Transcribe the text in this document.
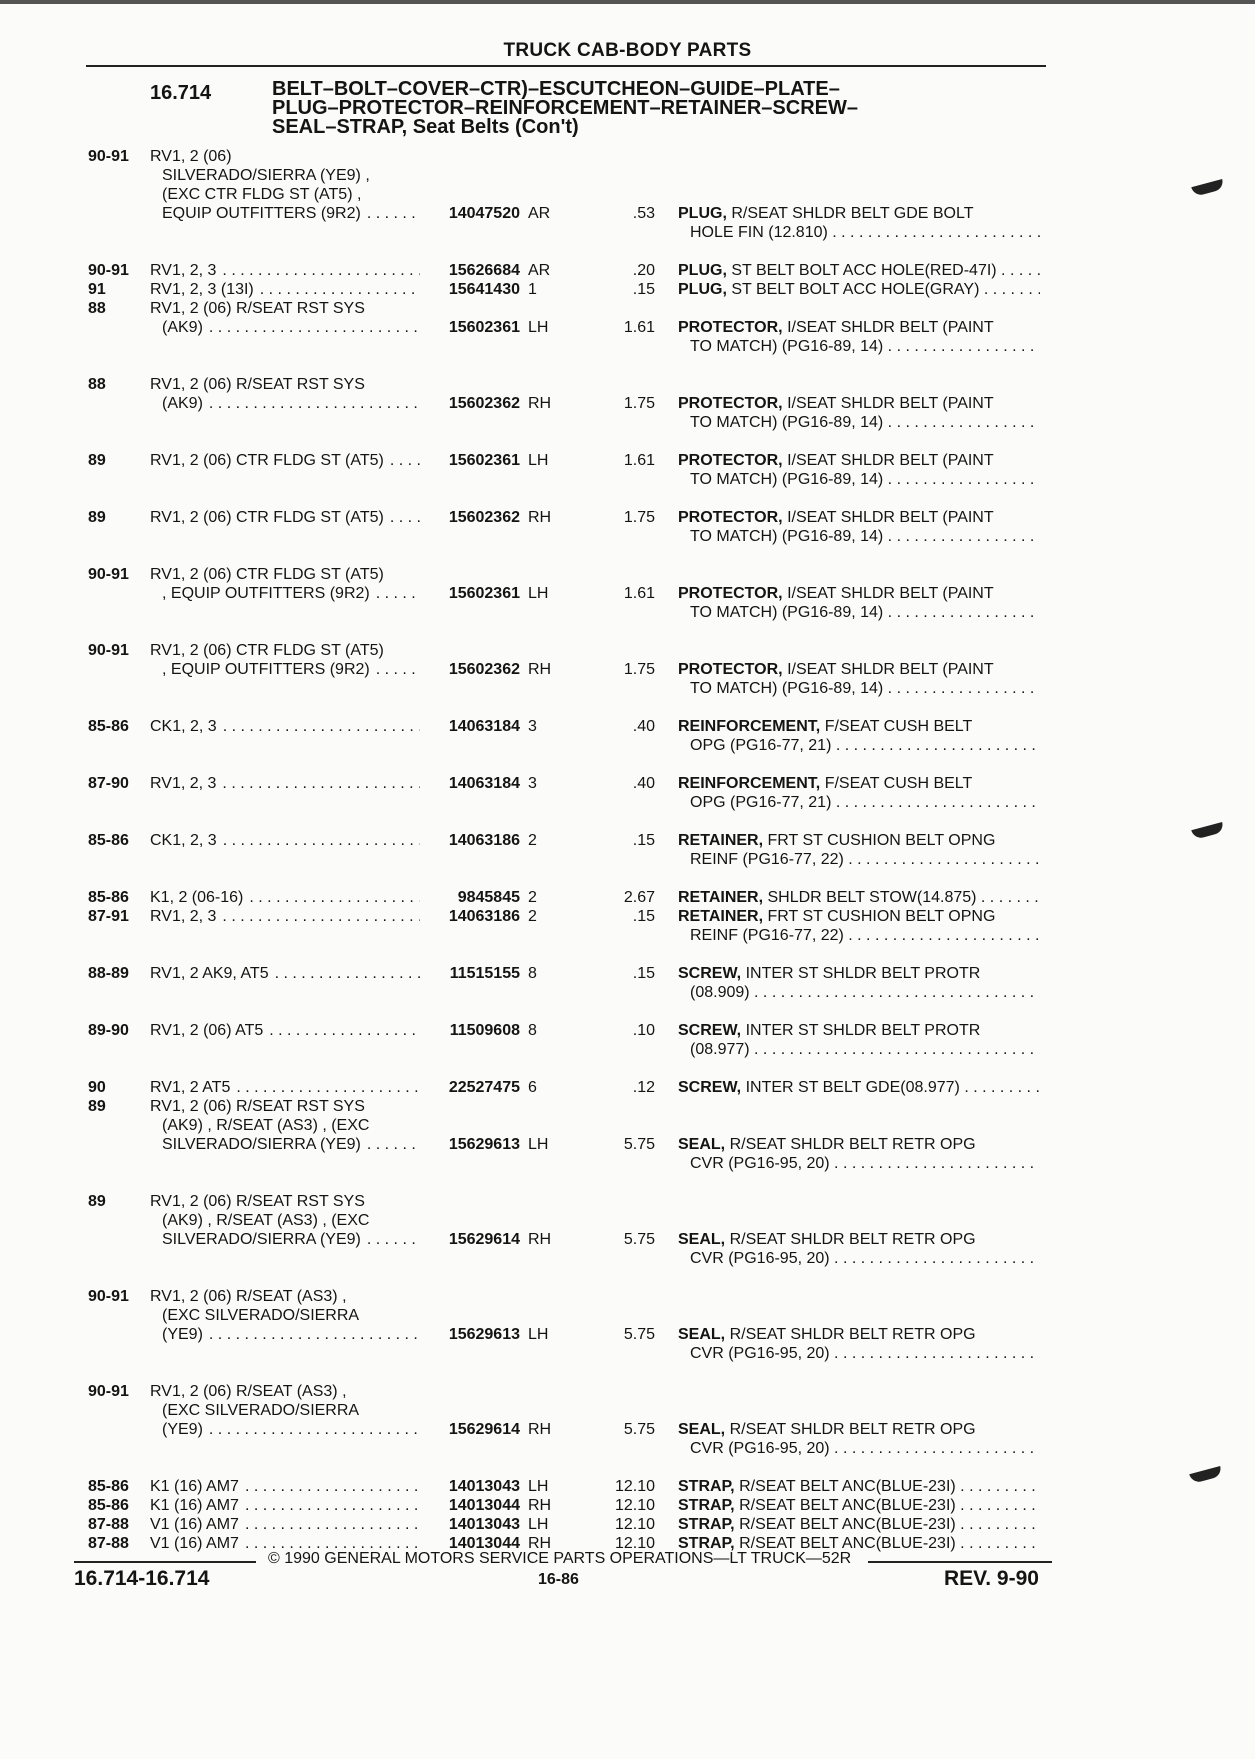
TRUCK CAB-BODY PARTS
16.714	BELT–BOLT–COVER–CTR)–ESCUTCHEON–GUIDE–PLATE–
PLUG–PROTECTOR–REINFORCEMENT–RETAINER–SCREW–
SEAL–STRAP, Seat Belts (Con't)
90-91 RV1, 2 (06)
SILVERADO/SIERRA (YE9) ,
(EXC CTR FLDG ST (AT5) ,
EQUIP OUTFITTERS (9R2) . . .	14047520 AR	.53 PLUG, R/SEAT SHLDR BELT GDE BOLT
HOLE FIN (12.810) . . .
90-91 RV1, 2, 3 . . .	15626684 AR	.20 PLUG, ST BELT BOLT ACC HOLE(RED-47I) . . .
91	RV1, 2, 3 (13I) . . .	15641430 1	.15 PLUG, ST BELT BOLT ACC HOLE(GRAY) . . .
88	RV1, 2 (06) R/SEAT RST SYS
(AK9) . . .	15602361 LH	1.61 PROTECTOR, I/SEAT SHLDR BELT (PAINT
TO MATCH) (PG16-89, 14) . . .
88	RV1, 2 (06) R/SEAT RST SYS
(AK9) . . .	15602362 RH	1.75 PROTECTOR, I/SEAT SHLDR BELT (PAINT
TO MATCH) (PG16-89, 14) . . .
89	RV1, 2 (06) CTR FLDG ST (AT5) . . .	15602361 LH	1.61 PROTECTOR, I/SEAT SHLDR BELT (PAINT
TO MATCH) (PG16-89, 14) . . .
89	RV1, 2 (06) CTR FLDG ST (AT5) . . .	15602362 RH	1.75 PROTECTOR, I/SEAT SHLDR BELT (PAINT
TO MATCH) (PG16-89, 14) . . .
90-91 RV1, 2 (06) CTR FLDG ST (AT5)
, EQUIP OUTFITTERS (9R2) . . .	15602361 LH	1.61 PROTECTOR, I/SEAT SHLDR BELT (PAINT
TO MATCH) (PG16-89, 14) . . .
90-91 RV1, 2 (06) CTR FLDG ST (AT5)
, EQUIP OUTFITTERS (9R2) . . .	15602362 RH	1.75 PROTECTOR, I/SEAT SHLDR BELT (PAINT
TO MATCH) (PG16-89, 14) . . .
85-86 CK1, 2, 3 . . .	14063184 3	.40 REINFORCEMENT, F/SEAT CUSH BELT
OPG (PG16-77, 21) . . .
87-90 RV1, 2, 3 . . .	14063184 3	.40 REINFORCEMENT, F/SEAT CUSH BELT
OPG (PG16-77, 21) . . .
85-86 CK1, 2, 3 . . .	14063186 2	.15 RETAINER, FRT ST CUSHION BELT OPNG
REINF (PG16-77, 22) . . .
85-86 K1, 2 (06-16) . . .	9845845 2	2.67 RETAINER, SHLDR BELT STOW(14.875) . . .
87-91 RV1, 2, 3 . . .	14063186 2	.15 RETAINER, FRT ST CUSHION BELT OPNG
REINF (PG16-77, 22) . . .
88-89 RV1, 2 AK9, AT5 . . .	11515155 8	.15 SCREW, INTER ST SHLDR BELT PROTR
(08.909) . . .
89-90 RV1, 2 (06) AT5 . . .	11509608 8	.10 SCREW, INTER ST SHLDR BELT PROTR
(08.977) . . .
90	RV1, 2 AT5 . . .	22527475 6	.12 SCREW, INTER ST BELT GDE(08.977) . . .
89	RV1, 2 (06) R/SEAT RST SYS
(AK9) , R/SEAT (AS3) , (EXC
SILVERADO/SIERRA (YE9) . . .	15629613 LH	5.75 SEAL, R/SEAT SHLDR BELT RETR OPG
CVR (PG16-95, 20) . . .
89	RV1, 2 (06) R/SEAT RST SYS
(AK9) , R/SEAT (AS3) , (EXC
SILVERADO/SIERRA (YE9) . . .	15629614 RH	5.75 SEAL, R/SEAT SHLDR BELT RETR OPG
CVR (PG16-95, 20) . . .
90-91 RV1, 2 (06) R/SEAT (AS3) ,
(EXC SILVERADO/SIERRA
(YE9) . . .	15629613 LH	5.75 SEAL, R/SEAT SHLDR BELT RETR OPG
CVR (PG16-95, 20) . . .
90-91 RV1, 2 (06) R/SEAT (AS3) ,
(EXC SILVERADO/SIERRA
(YE9) . . .	15629614 RH	5.75 SEAL, R/SEAT SHLDR BELT RETR OPG
CVR (PG16-95, 20) . . .
85-86 K1 (16) AM7 . . .	14013043 LH	12.10 STRAP, R/SEAT BELT ANC(BLUE-23I) . . .
85-86 K1 (16) AM7 . . .	14013044 RH	12.10 STRAP, R/SEAT BELT ANC(BLUE-23I) . . .
87-88 V1 (16) AM7 . . .	14013043 LH	12.10 STRAP, R/SEAT BELT ANC(BLUE-23I) . . .
87-88 V1 (16) AM7 . . .	14013044 RH	12.10 STRAP, R/SEAT BELT ANC(BLUE-23I) . . .
© 1990 GENERAL MOTORS SERVICE PARTS OPERATIONS—LT TRUCK—52R
16.714-16.714	16-86	REV. 9-90
